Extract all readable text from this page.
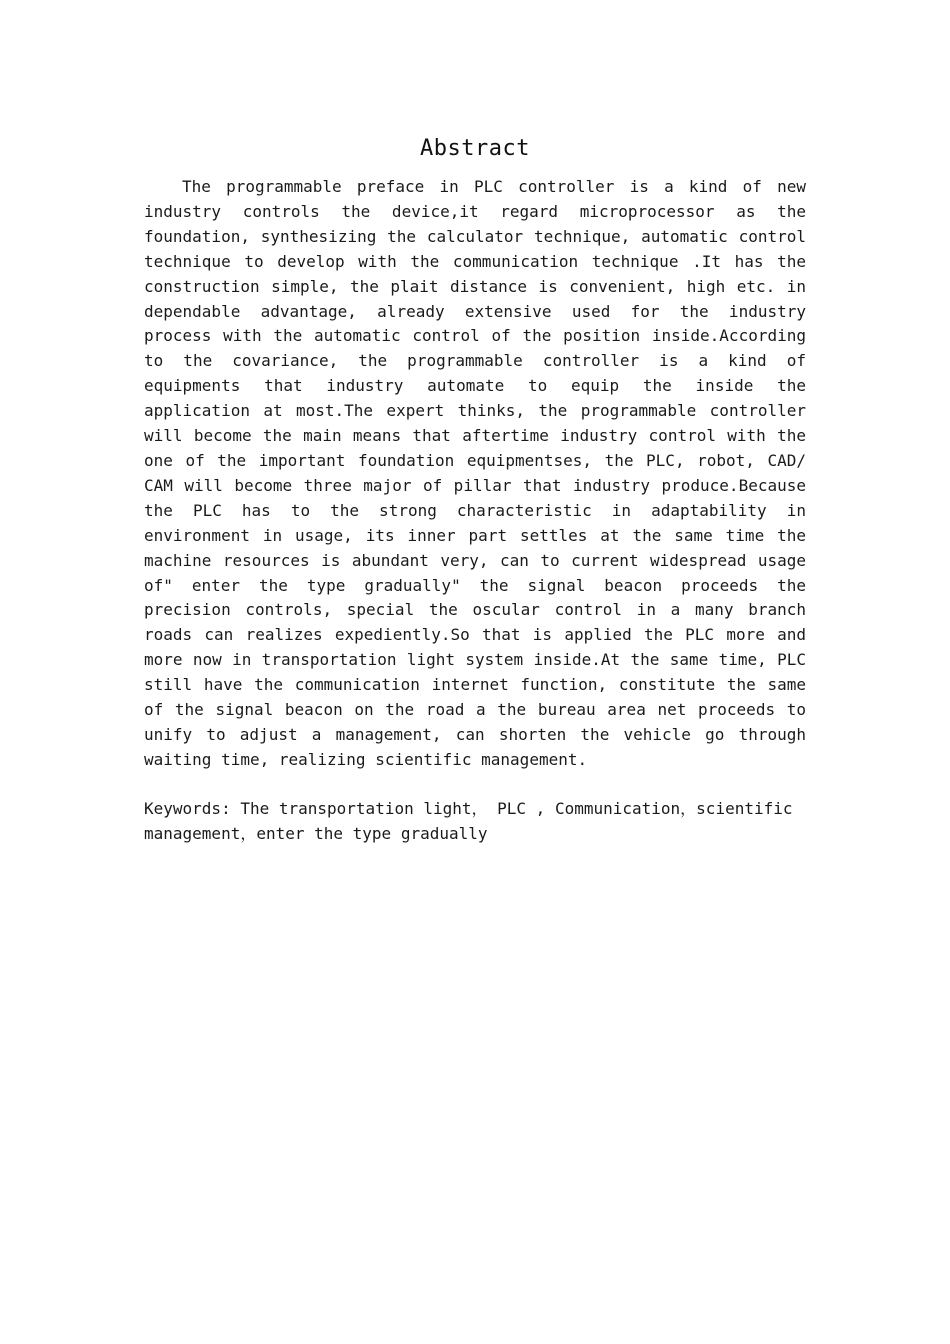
Abstract

The programmable preface in PLC controller is a kind of new industry controls the device,it regard microprocessor as the foundation, synthesizing the calculator technique, automatic control technique to develop with the communication technique .It has the construction simple, the plait distance is convenient, high etc. in dependable advantage, already extensive used for the industry process with the automatic control of the position inside.According to the covariance, the programmable controller is a kind of equipments that industry automate to equip the inside the application at most.The expert thinks, the programmable controller will become the main means that aftertime industry control with the one of the important foundation equipmentses, the PLC, robot, CAD/ CAM will become three major of pillar that industry produce.Because the PLC has to the strong characteristic in adaptability in environment in usage, its inner part settles at the same time the machine resources is abundant very, can to current widespread usage of" enter the type gradually" the signal beacon proceeds the precision controls, special the oscular control in a many branch roads can realizes expediently.So that is applied the PLC more and more now in transportation light system inside.At the same time, PLC still have the communication internet function, constitute the same of the signal beacon on the road a the bureau area net proceeds to unify to adjust a management, can shorten the vehicle go through waiting time, realizing scientific management.

Keywords: The transportation light， PLC , Communication，scientific management，enter the type gradually
